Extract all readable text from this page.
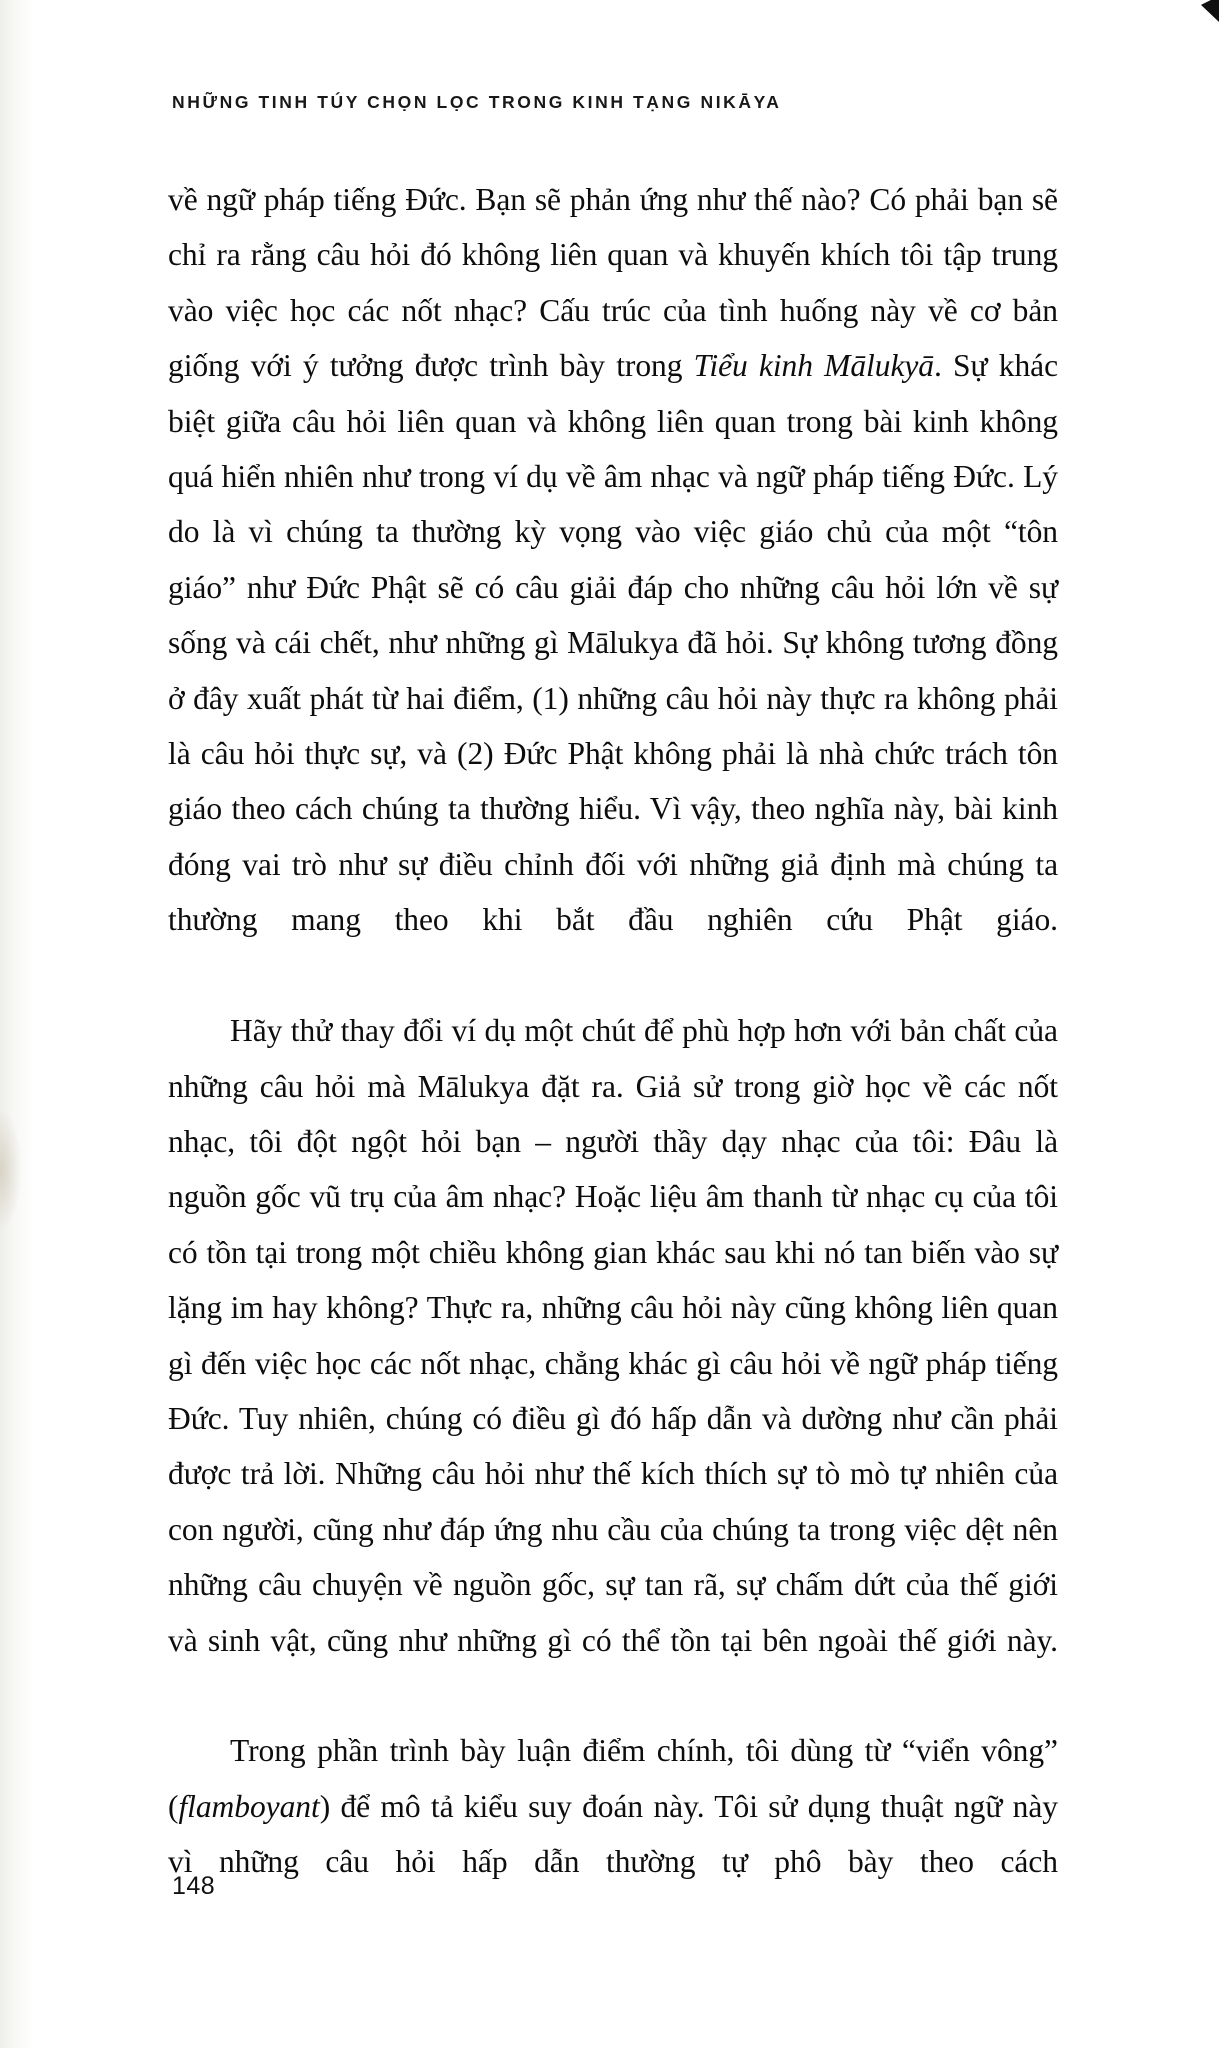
NHỮNG TINH TÚY CHỌN LỌC TRONG KINH TẠNG NIKĀYA

về ngữ pháp tiếng Đức. Bạn sẽ phản ứng như thế nào? Có phải bạn sẽ chỉ ra rằng câu hỏi đó không liên quan và khuyến khích tôi tập trung vào việc học các nốt nhạc? Cấu trúc của tình huống này về cơ bản giống với ý tưởng được trình bày trong Tiểu kinh Mālukyā. Sự khác biệt giữa câu hỏi liên quan và không liên quan trong bài kinh không quá hiển nhiên như trong ví dụ về âm nhạc và ngữ pháp tiếng Đức. Lý do là vì chúng ta thường kỳ vọng vào việc giáo chủ của một “tôn giáo” như Đức Phật sẽ có câu giải đáp cho những câu hỏi lớn về sự sống và cái chết, như những gì Mālukya đã hỏi. Sự không tương đồng ở đây xuất phát từ hai điểm, (1) những câu hỏi này thực ra không phải là câu hỏi thực sự, và (2) Đức Phật không phải là nhà chức trách tôn giáo theo cách chúng ta thường hiểu. Vì vậy, theo nghĩa này, bài kinh đóng vai trò như sự điều chỉnh đối với những giả định mà chúng ta thường mang theo khi bắt đầu nghiên cứu Phật giáo.

Hãy thử thay đổi ví dụ một chút để phù hợp hơn với bản chất của những câu hỏi mà Mālukya đặt ra. Giả sử trong giờ học về các nốt nhạc, tôi đột ngột hỏi bạn – người thầy dạy nhạc của tôi: Đâu là nguồn gốc vũ trụ của âm nhạc? Hoặc liệu âm thanh từ nhạc cụ của tôi có tồn tại trong một chiều không gian khác sau khi nó tan biến vào sự lặng im hay không? Thực ra, những câu hỏi này cũng không liên quan gì đến việc học các nốt nhạc, chẳng khác gì câu hỏi về ngữ pháp tiếng Đức. Tuy nhiên, chúng có điều gì đó hấp dẫn và dường như cần phải được trả lời. Những câu hỏi như thế kích thích sự tò mò tự nhiên của con người, cũng như đáp ứng nhu cầu của chúng ta trong việc dệt nên những câu chuyện về nguồn gốc, sự tan rã, sự chấm dứt của thế giới và sinh vật, cũng như những gì có thể tồn tại bên ngoài thế giới này.

Trong phần trình bày luận điểm chính, tôi dùng từ “viển vông” (flamboyant) để mô tả kiểu suy đoán này. Tôi sử dụng thuật ngữ này vì những câu hỏi hấp dẫn thường tự phô bày theo cách

148
